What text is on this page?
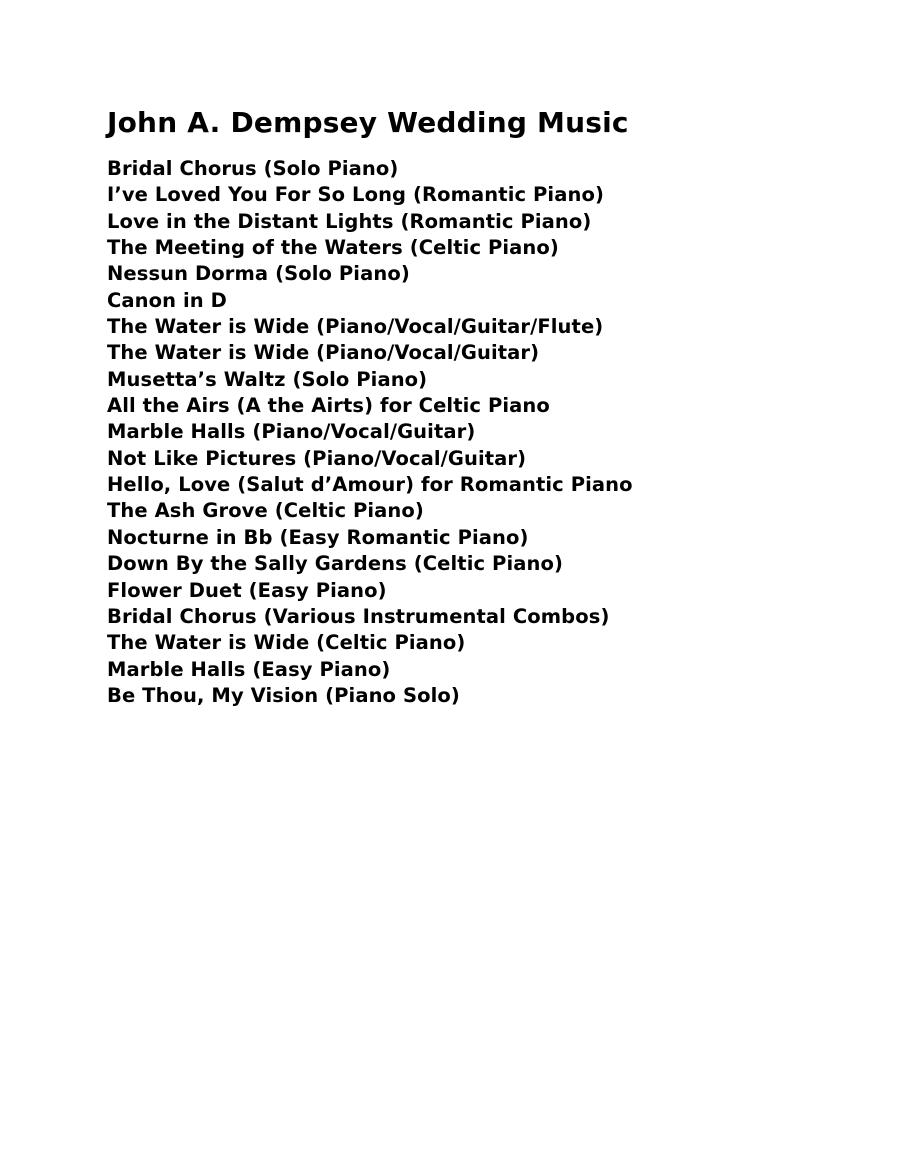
John A. Dempsey Wedding Music
Bridal Chorus (Solo Piano)
I’ve Loved You For So Long (Romantic Piano)
Love in the Distant Lights (Romantic Piano)
The Meeting of the Waters (Celtic Piano)
Nessun Dorma (Solo Piano)
Canon in D
The Water is Wide (Piano/Vocal/Guitar/Flute)
The Water is Wide (Piano/Vocal/Guitar)
Musetta’s Waltz (Solo Piano)
All the Airs (A the Airts) for Celtic Piano
Marble Halls (Piano/Vocal/Guitar)
Not Like Pictures (Piano/Vocal/Guitar)
Hello, Love (Salut d’Amour) for Romantic Piano
The Ash Grove (Celtic Piano)
Nocturne in Bb (Easy Romantic Piano)
Down By the Sally Gardens (Celtic Piano)
Flower Duet (Easy Piano)
Bridal Chorus (Various Instrumental Combos)
The Water is Wide (Celtic Piano)
Marble Halls (Easy Piano)
Be Thou, My Vision (Piano Solo)
